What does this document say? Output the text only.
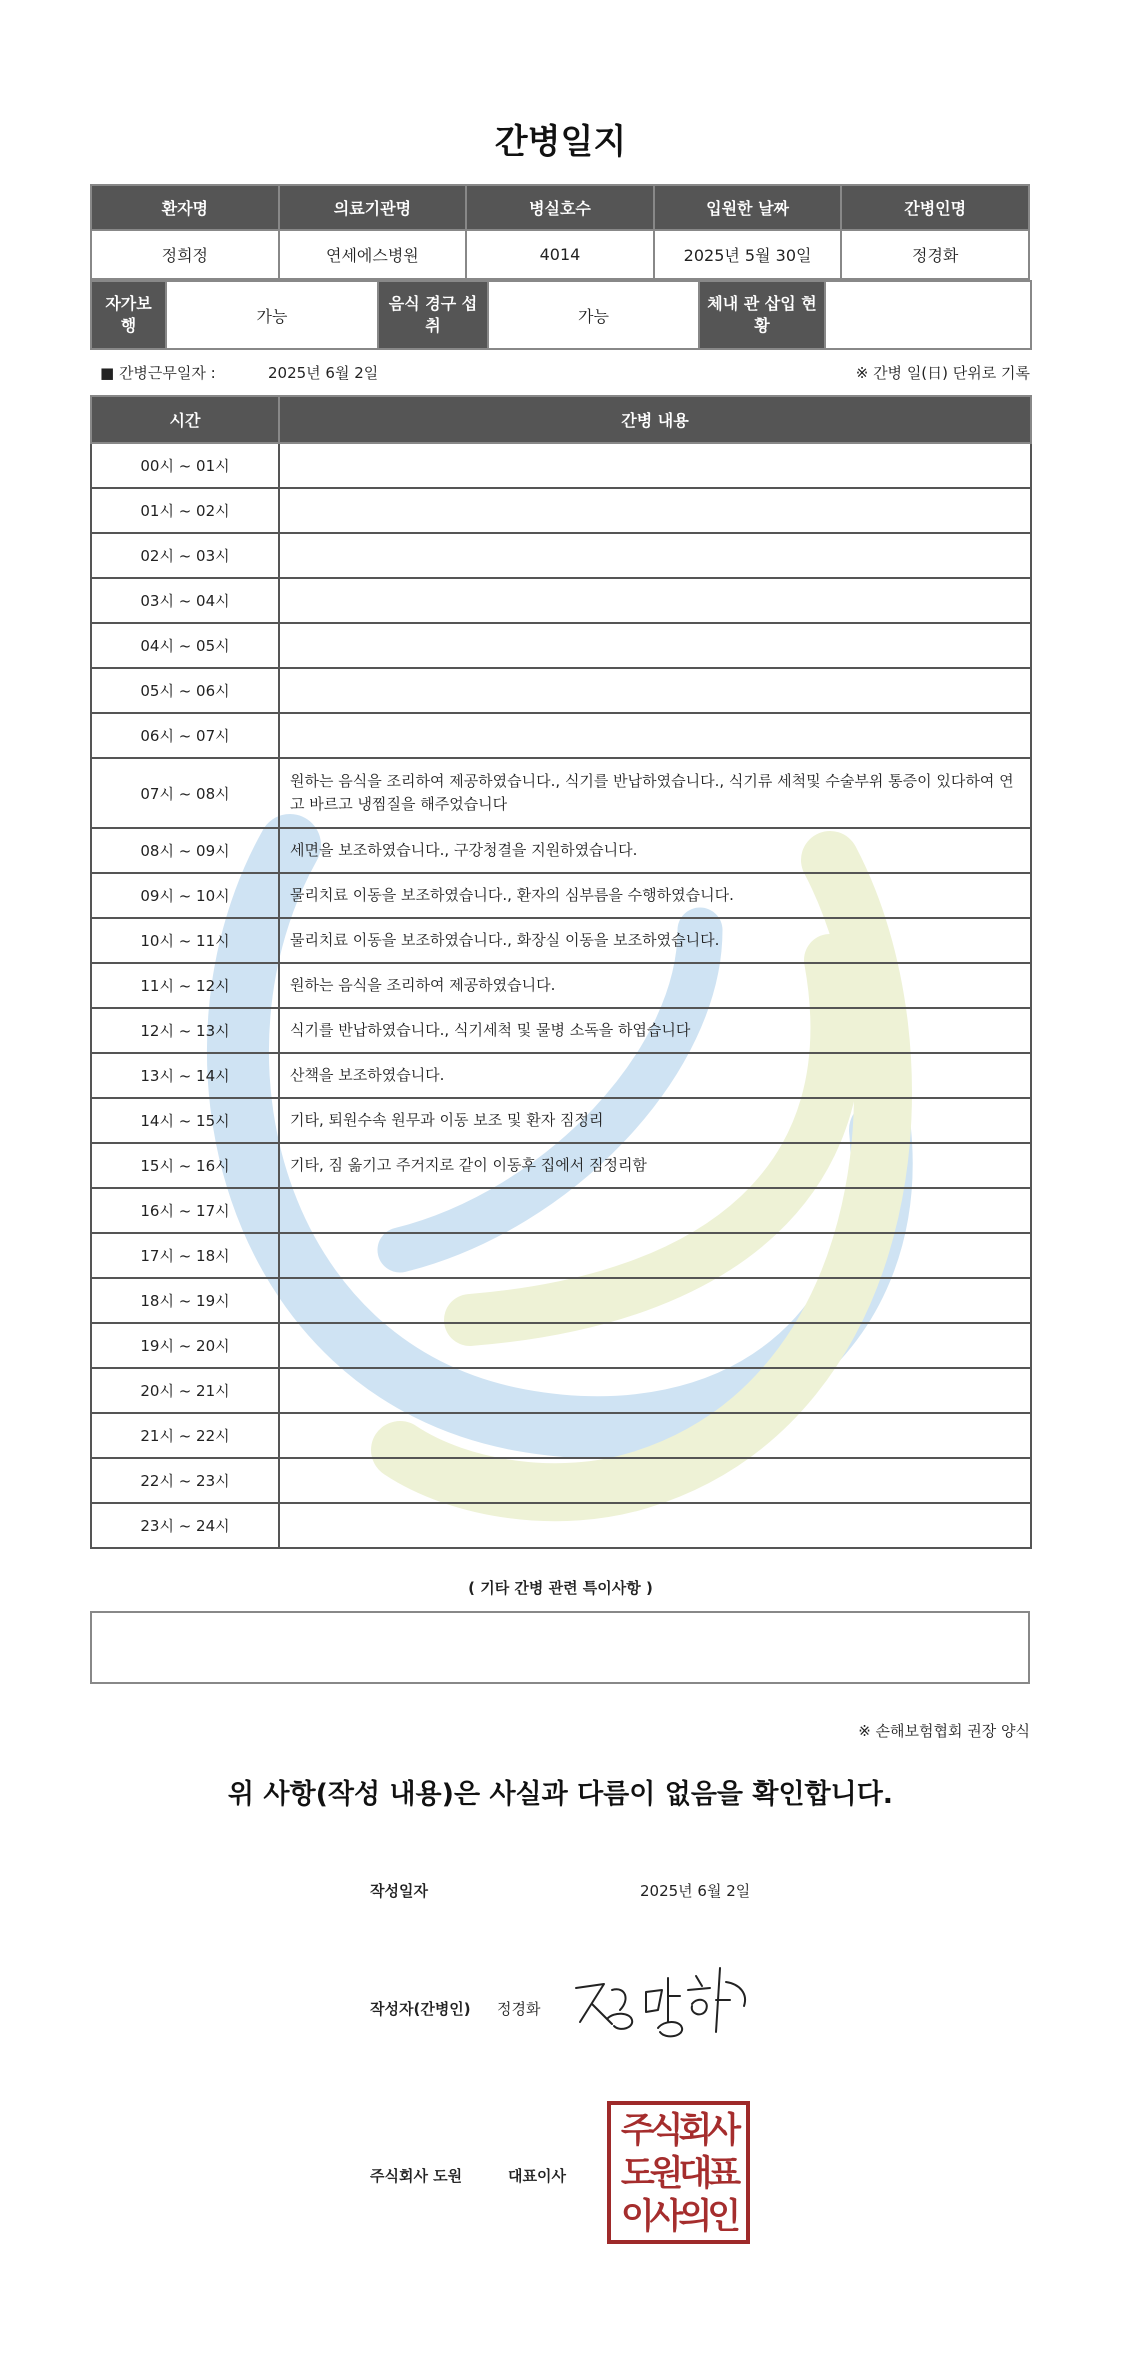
간병일지
환자명	의료기관명	병실호수	입원한 날짜	간병인명
정희정	연세에스병원	4014	2025년 5월 30일	정경화
자가보행	가능	음식 경구 섭취	가능	체내 관 삽입 현황	
■ 간병근무일자 :	2025년 6월 2일	※ 간병 일(日) 단위로 기록
시간	간병 내용
00시 ~ 01시	
01시 ~ 02시	
02시 ~ 03시	
03시 ~ 04시	
04시 ~ 05시	
05시 ~ 06시	
06시 ~ 07시	
07시 ~ 08시	원하는 음식을 조리하여 제공하였습니다., 식기를 반납하였습니다., 식기류 세척및 수술부위 통증이 있다하여 연고 바르고 냉찜질을 해주었습니다
08시 ~ 09시	세면을 보조하였습니다., 구강청결을 지원하였습니다.
09시 ~ 10시	물리치료 이동을 보조하였습니다., 환자의 심부름을 수행하였습니다.
10시 ~ 11시	물리치료 이동을 보조하였습니다., 화장실 이동을 보조하였습니다.
11시 ~ 12시	원하는 음식을 조리하여 제공하였습니다.
12시 ~ 13시	식기를 반납하였습니다., 식기세척 및 물병 소독을 하엽습니다
13시 ~ 14시	산책을 보조하였습니다.
14시 ~ 15시	기타, 퇴원수속 원무과 이동 보조 및 환자 짐정리
15시 ~ 16시	기타, 짐 옮기고 주거지로 같이 이동후 집에서 짐정리함
16시 ~ 17시	
17시 ~ 18시	
18시 ~ 19시	
19시 ~ 20시	
20시 ~ 21시	
21시 ~ 22시	
22시 ~ 23시	
23시 ~ 24시	
( 기타 간병 관련 특이사항 )
※ 손해보험협회 권장 양식
위 사항(작성 내용)은 사실과 다름이 없음을 확인합니다.
작성일자	2025년 6월 2일
작성자(간병인) 정경화
정경화
주식회사 도원	대표이사
주식회사
도원대표
이사의인
